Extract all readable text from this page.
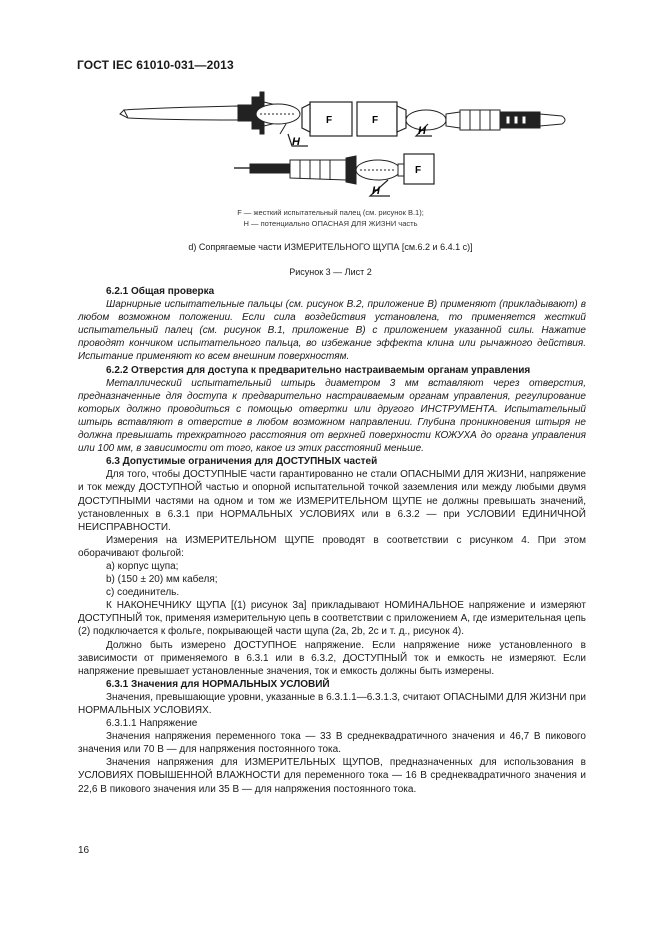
ГОСТ IEC 61010-031—2013
F	F
H
H
F
H
F — жесткий испытательный палец (см. рисунок В.1);
H — потенциально ОПАСНАЯ ДЛЯ ЖИЗНИ часть
d) Сопрягаемые части ИЗМЕРИТЕЛЬНОГО ЩУПА [см.6.2 и 6.4.1 c)]
Рисунок 3 — Лист 2

6.2.1 Общая проверка

Шарнирные испытательные пальцы (см. рисунок В.2, приложение В) применяют (прикладывают) в любом возможном положении. Если сила воздействия установлена, то применяется жесткий испытательный палец (см. рисунок В.1, приложение В) с приложением указанной силы. Нажатие проводят кончиком испытательного пальца, во избежание эффекта клина или рычажного действия. Испытание применяют ко всем внешним поверхностям.

6.2.2 Отверстия для доступа к предварительно настраиваемым органам управления

Металлический испытательный штырь диаметром 3 мм вставляют через отверстия, предназначенные для доступа к предварительно настраиваемым органам управления, регулирование которых должно проводиться с помощью отвертки или другого ИНСТРУМЕНТА. Испытательный штырь вставляют в отверстие в любом возможном направлении. Глубина проникновения штыря не должна превышать трехкратного расстояния от верхней поверхности КОЖУХА до органа управления или 100 мм, в зависимости от того, какое из этих расстояний меньше.

6.3 Допустимые ограничения для ДОСТУПНЫХ частей

Для того, чтобы ДОСТУПНЫЕ части гарантированно не стали ОПАСНЫМИ ДЛЯ ЖИЗНИ, напряжение и ток между ДОСТУПНОЙ частью и опорной испытательной точкой заземления или между любыми двумя ДОСТУПНЫМИ частями на одном и том же ИЗМЕРИТЕЛЬНОМ ЩУПЕ не должны превышать значений, установленных в 6.3.1 при НОРМАЛЬНЫХ УСЛОВИЯХ или в 6.3.2 — при УСЛОВИИ ЕДИНИЧНОЙ НЕИСПРАВНОСТИ.

Измерения на ИЗМЕРИТЕЛЬНОМ ЩУПЕ проводят в соответствии с рисунком 4. При этом оборачивают фольгой:

a) корпус щупа;

b) (150 ± 20) мм кабеля;

c) соединитель.

К НАКОНЕЧНИКУ ЩУПА [(1) рисунок 3а] прикладывают НОМИНАЛЬНОЕ напряжение и измеряют ДОСТУПНЫЙ ток, применяя измерительную цепь в соответствии с приложением А, где измерительная цепь (2) подключается к фольге, покрывающей части щупа (2a, 2b, 2c и т. д., рисунок 4).

Должно быть измерено ДОСТУПНОЕ напряжение. Если напряжение ниже установленного в зависимости от применяемого в 6.3.1 или в 6.3.2, ДОСТУПНЫЙ ток и емкость не измеряют. Если напряжение превышает установленные значения, ток и емкость должны быть измерены.

6.3.1 Значения для НОРМАЛЬНЫХ УСЛОВИЙ

Значения, превышающие уровни, указанные в 6.3.1.1—6.3.1.3, считают ОПАСНЫМИ ДЛЯ ЖИЗНИ при НОРМАЛЬНЫХ УСЛОВИЯХ.

6.3.1.1 Напряжение

Значения напряжения переменного тока — 33 В среднеквадратичного значения и 46,7 В пикового значения или 70 В — для напряжения постоянного тока.

Значения напряжения для ИЗМЕРИТЕЛЬНЫХ ЩУПОВ, предназначенных для использования в УСЛОВИЯХ ПОВЫШЕННОЙ ВЛАЖНОСТИ для переменного тока — 16 В среднеквадратичного значения и 22,6 В пикового значения или 35 В — для напряжения постоянного тока.

16
